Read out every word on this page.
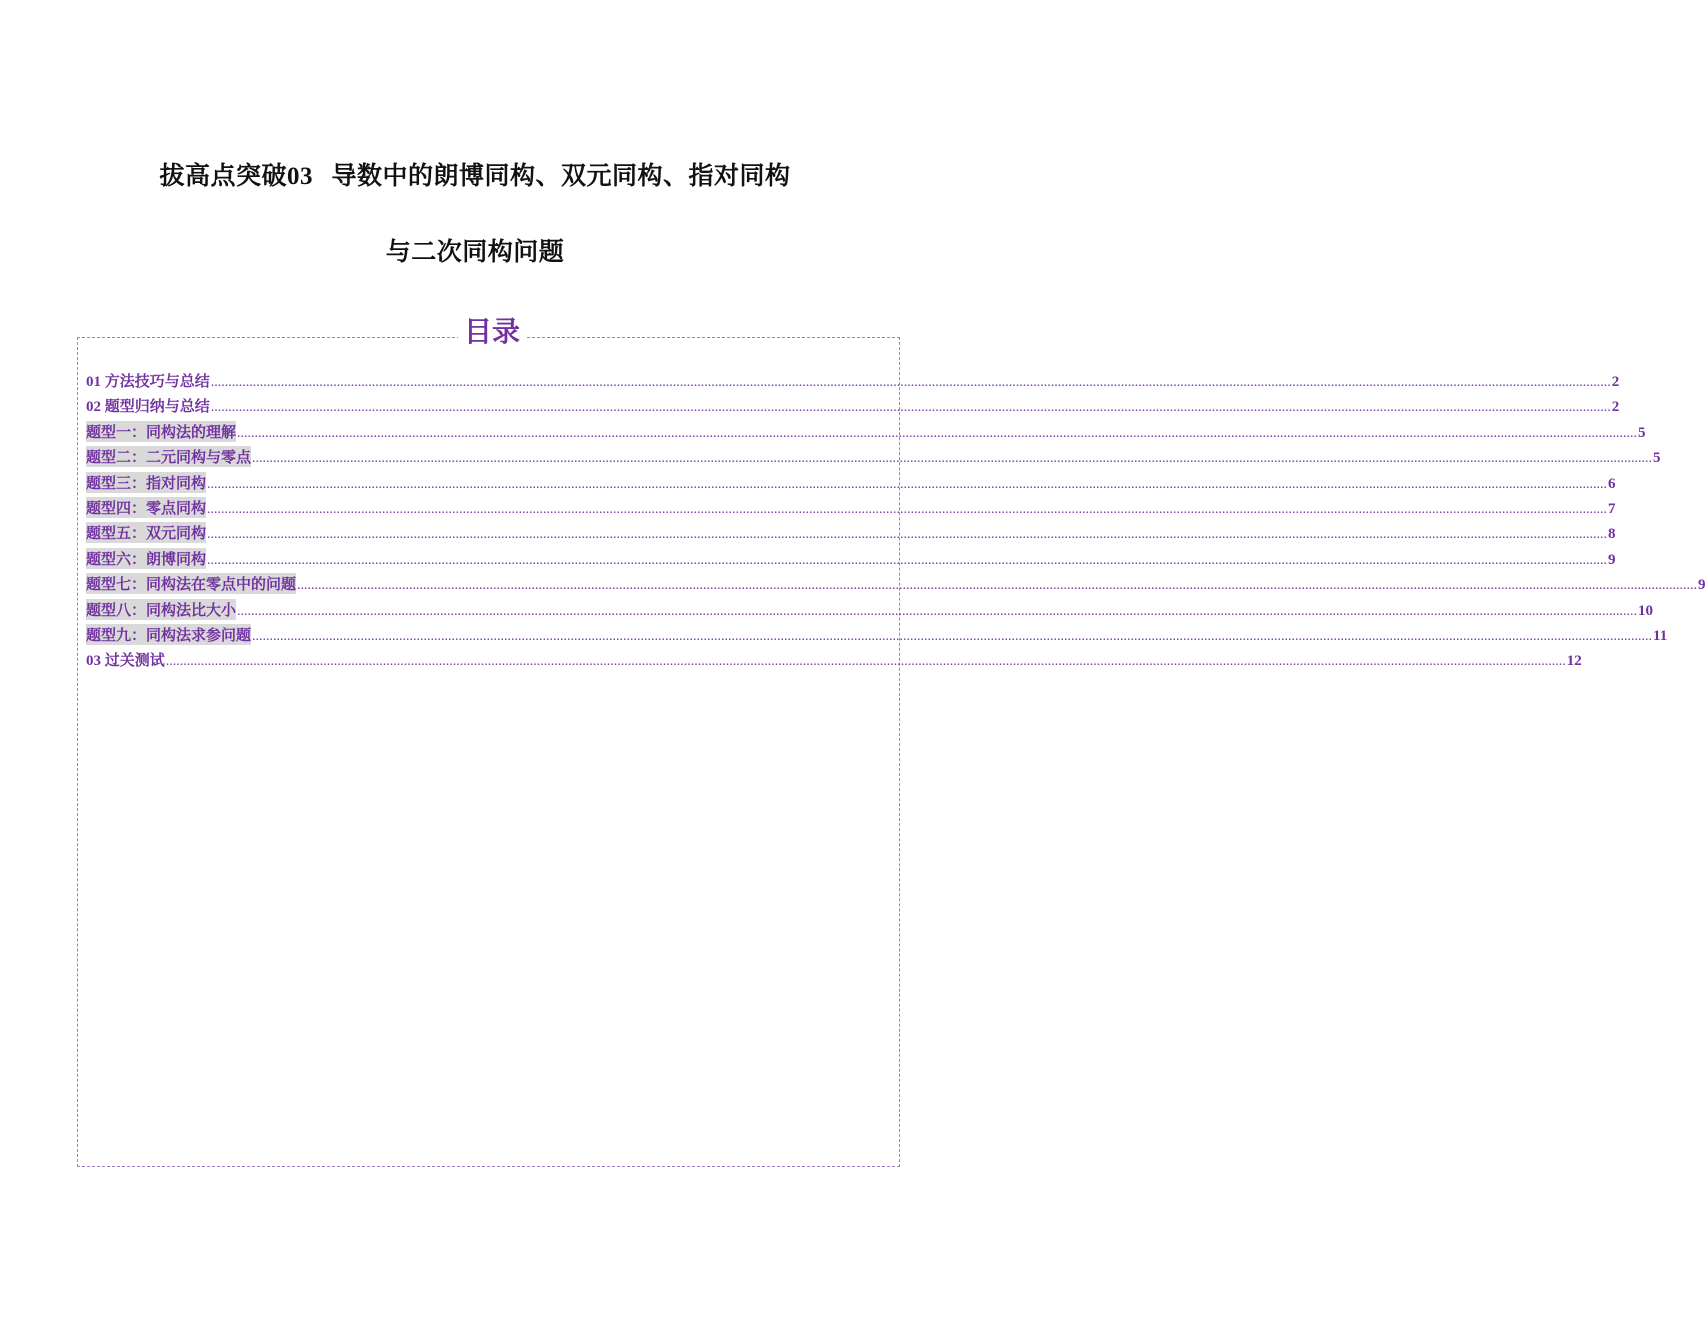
拔高点突破03 导数中的朗博同构、双元同构、指对同构
与二次同构问题
目录
01 方法技巧与总结 ................................................................................................................................................................................................................................................................................................................................................................................................................ 2
02 题型归纳与总结 ................................................................................................................................................................................................................................................................................................................................................................................................................ 2
题型一：同构法的理解 ................................................................................................................................................................................................................................................................................................................................................................................................................ 5
题型二：二元同构与零点 ................................................................................................................................................................................................................................................................................................................................................................................................................ 5
题型三：指对同构 ................................................................................................................................................................................................................................................................................................................................................................................................................ 6
题型四：零点同构 ................................................................................................................................................................................................................................................................................................................................................................................................................ 7
题型五：双元同构 ................................................................................................................................................................................................................................................................................................................................................................................................................ 8
题型六：朗博同构 ................................................................................................................................................................................................................................................................................................................................................................................................................ 9
题型七：同构法在零点中的问题 ................................................................................................................................................................................................................................................................................................................................................................................................................ 9
题型八：同构法比大小 ................................................................................................................................................................................................................................................................................................................................................................................................................ 10
题型九：同构法求参问题 ................................................................................................................................................................................................................................................................................................................................................................................................................ 11
03 过关测试 ................................................................................................................................................................................................................................................................................................................................................................................................................ 12
